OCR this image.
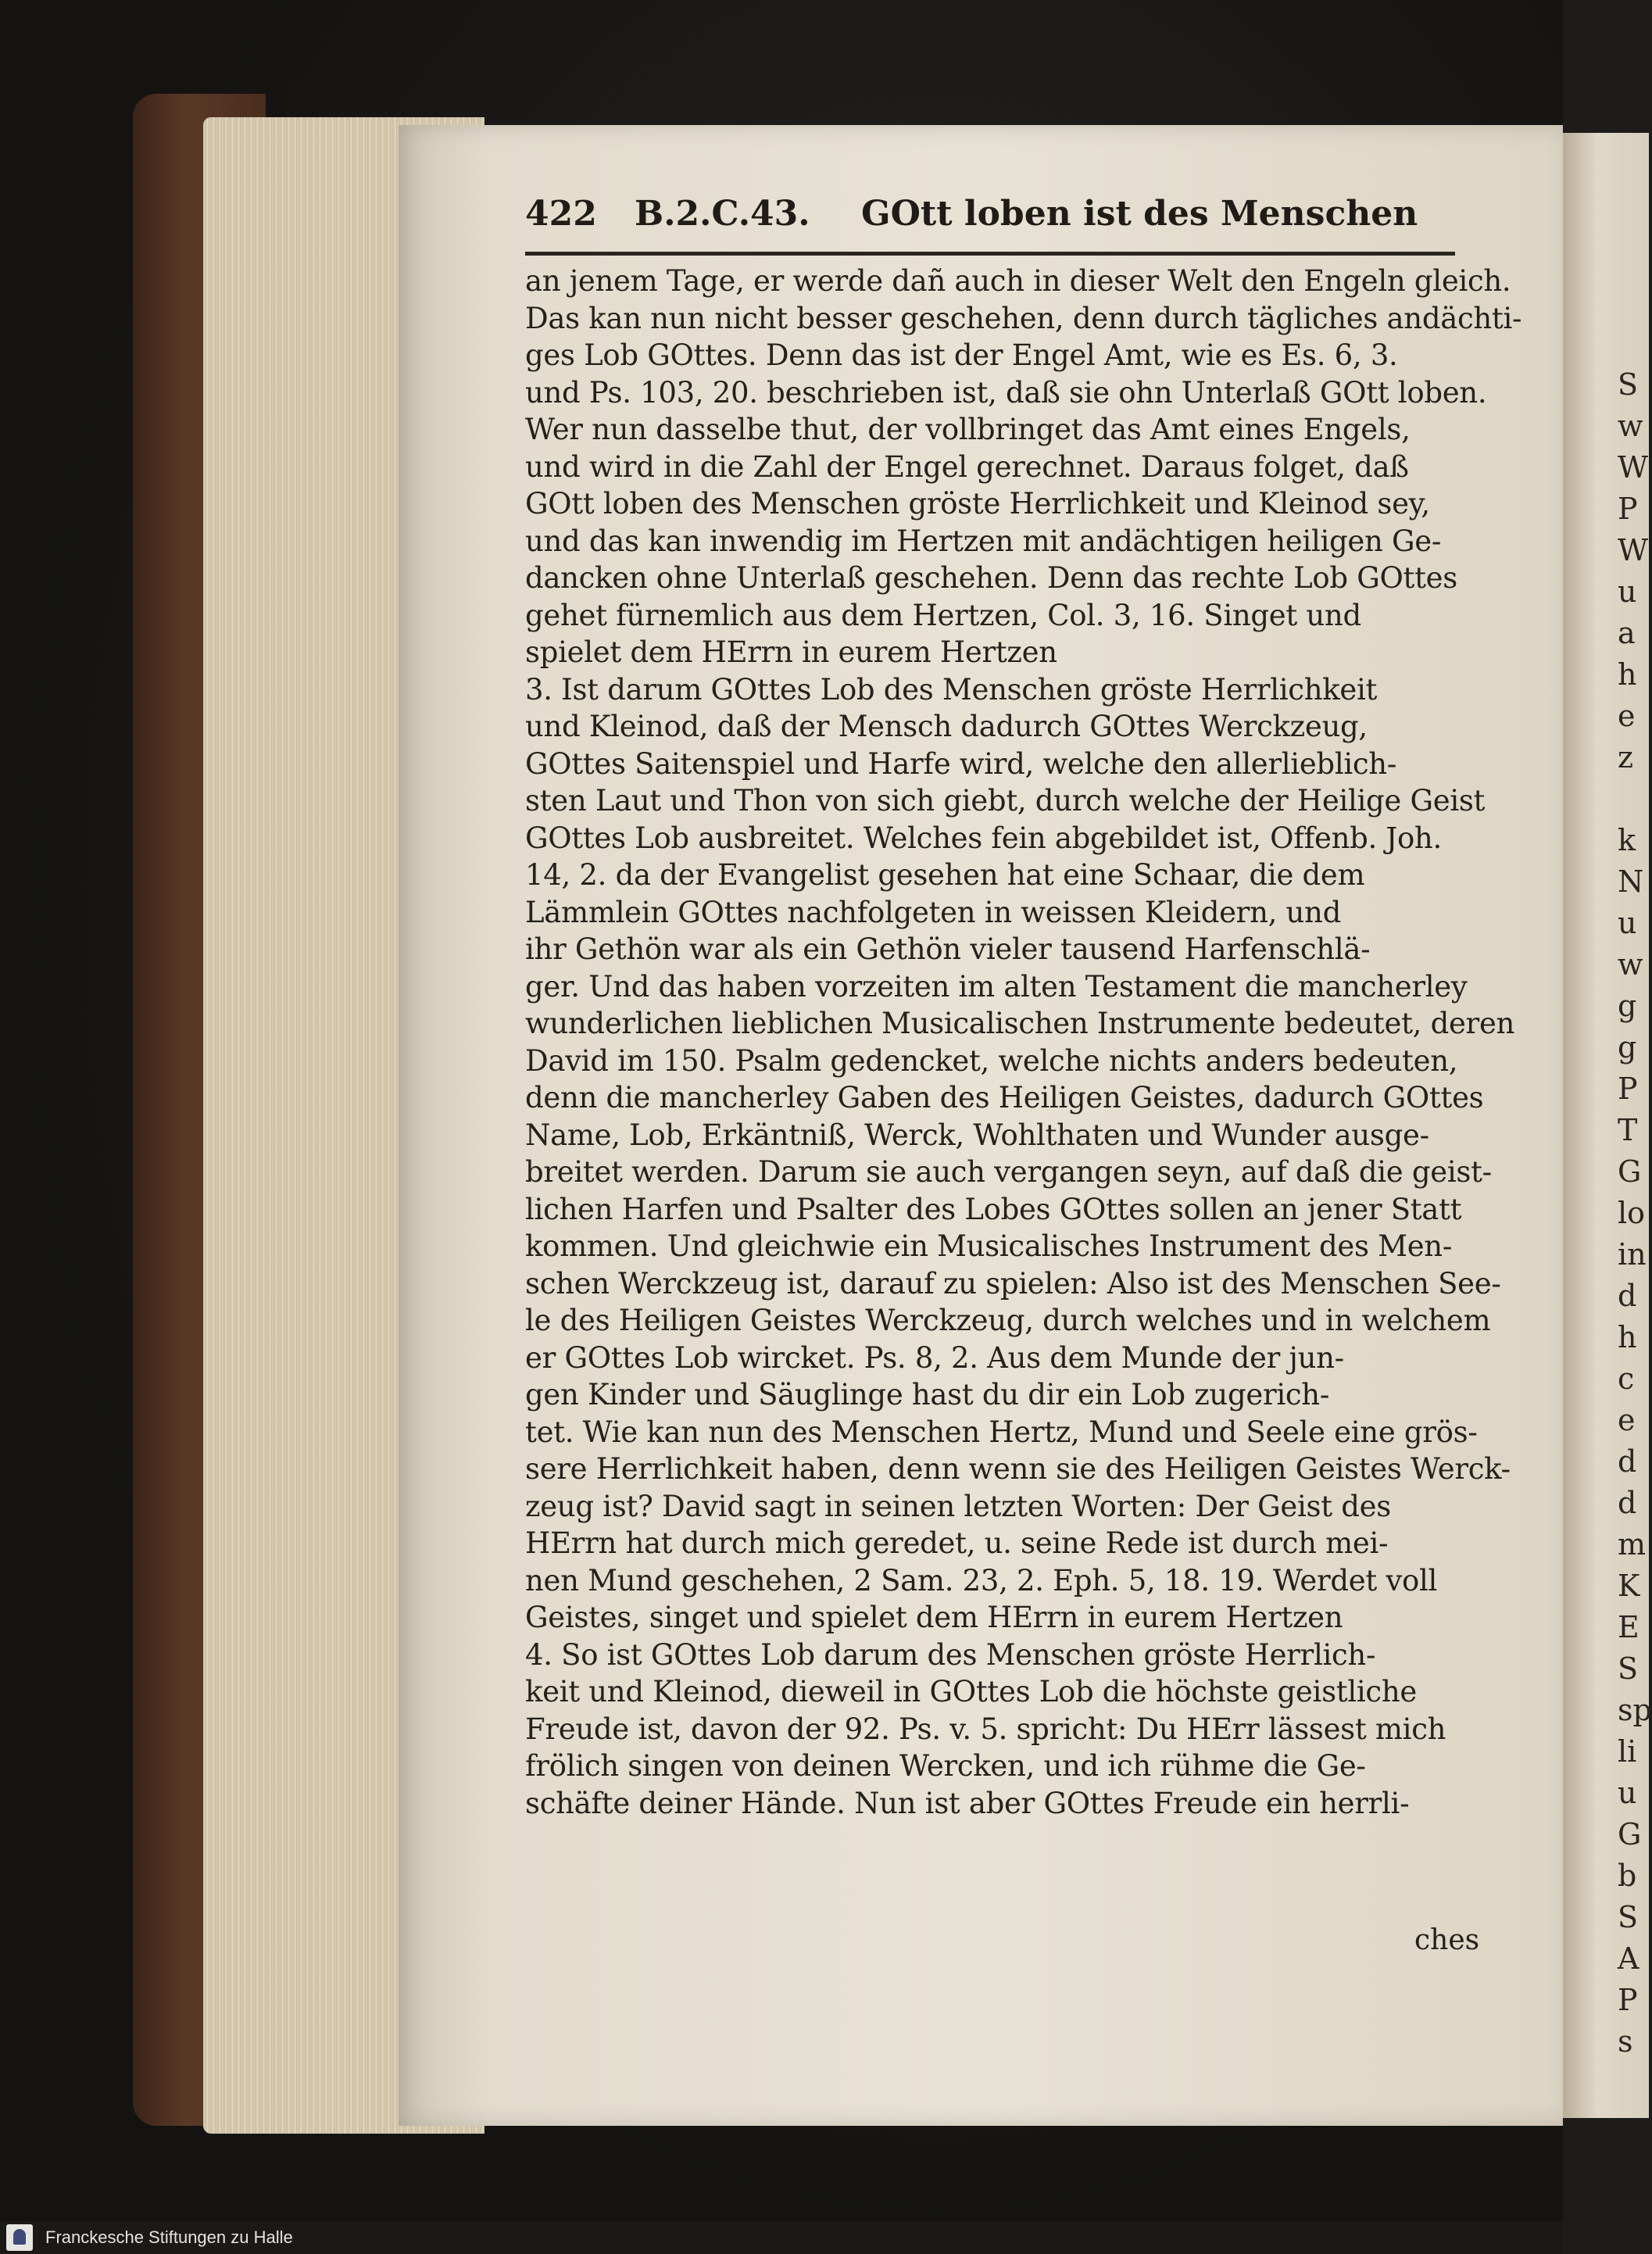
S
w
W
P
W
u
a
h
e
z
k
N
u
w
g
g
P
T
G
lo
in
d
h
c
e
d
d
m
K
E
S
sp
li
u
G
b
S
A
P
s
422 B.2.C.43. GOtt loben ist des Menschen
an jenem Tage, er werde dañ auch in dieser Welt den Engeln gleich.
Das kan nun nicht besser geschehen, denn durch tägliches andächti-
ges Lob GOttes. Denn das ist der Engel Amt, wie es Es. 6, 3.
und Ps. 103, 20. beschrieben ist, daß sie ohn Unterlaß GOtt loben.
Wer nun dasselbe thut, der vollbringet das Amt eines Engels,
und wird in die Zahl der Engel gerechnet. Daraus folget, daß
GOtt loben des Menschen gröste Herrlichkeit und Kleinod sey,
und das kan inwendig im Hertzen mit andächtigen heiligen Ge-
dancken ohne Unterlaß geschehen. Denn das rechte Lob GOttes
gehet fürnemlich aus dem Hertzen, Col. 3, 16. Singet und
spielet dem HErrn in eurem Hertzen
3. Ist darum GOttes Lob des Menschen gröste Herrlichkeit
und Kleinod, daß der Mensch dadurch GOttes Werckzeug,
GOttes Saitenspiel und Harfe wird, welche den allerlieblich-
sten Laut und Thon von sich giebt, durch welche der Heilige Geist
GOttes Lob ausbreitet. Welches fein abgebildet ist, Offenb. Joh.
14, 2. da der Evangelist gesehen hat eine Schaar, die dem
Lämmlein GOttes nachfolgeten in weissen Kleidern, und
ihr Gethön war als ein Gethön vieler tausend Harfenschlä-
ger. Und das haben vorzeiten im alten Testament die mancherley
wunderlichen lieblichen Musicalischen Instrumente bedeutet, deren
David im 150. Psalm gedencket, welche nichts anders bedeuten,
denn die mancherley Gaben des Heiligen Geistes, dadurch GOttes
Name, Lob, Erkäntniß, Werck, Wohlthaten und Wunder ausge-
breitet werden. Darum sie auch vergangen seyn, auf daß die geist-
lichen Harfen und Psalter des Lobes GOttes sollen an jener Statt
kommen. Und gleichwie ein Musicalisches Instrument des Men-
schen Werckzeug ist, darauf zu spielen: Also ist des Menschen See-
le des Heiligen Geistes Werckzeug, durch welches und in welchem
er GOttes Lob wircket. Ps. 8, 2. Aus dem Munde der jun-
gen Kinder und Säuglinge hast du dir ein Lob zugerich-
tet. Wie kan nun des Menschen Hertz, Mund und Seele eine grös-
sere Herrlichkeit haben, denn wenn sie des Heiligen Geistes Werck-
zeug ist? David sagt in seinen letzten Worten: Der Geist des
HErrn hat durch mich geredet, u. seine Rede ist durch mei-
nen Mund geschehen, 2 Sam. 23, 2. Eph. 5, 18. 19. Werdet voll
Geistes, singet und spielet dem HErrn in eurem Hertzen
4. So ist GOttes Lob darum des Menschen gröste Herrlich-
keit und Kleinod, dieweil in GOttes Lob die höchste geistliche
Freude ist, davon der 92. Ps. v. 5. spricht: Du HErr lässest mich
frölich singen von deinen Wercken, und ich rühme die Ge-
schäfte deiner Hände. Nun ist aber GOttes Freude ein herrli-
ches
Franckesche Stiftungen zu Halle
